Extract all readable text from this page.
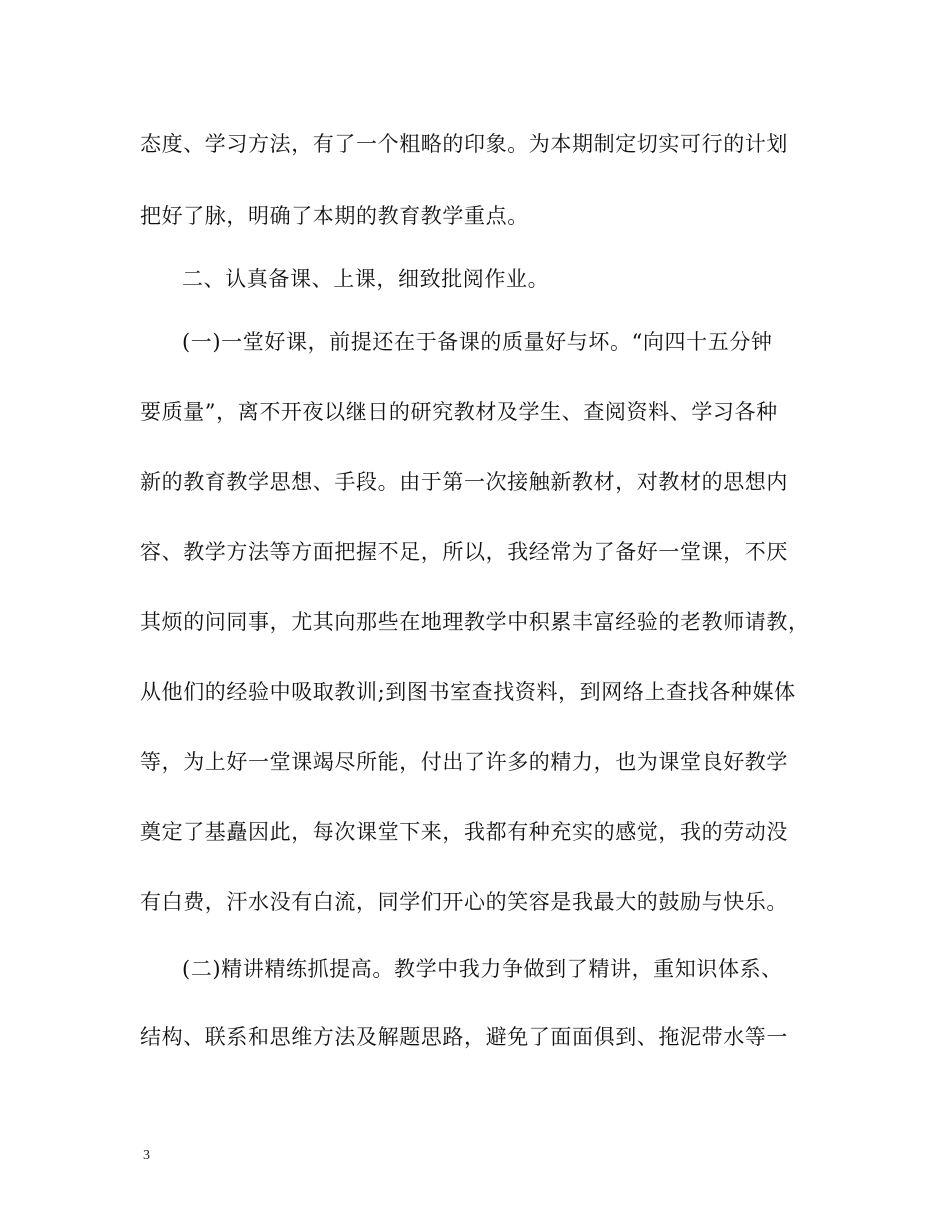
态度、学习方法，有了一个粗略的印象。为本期制定切实可行的计划
把好了脉，明确了本期的教育教学重点。
二、认真备课、上课，细致批阅作业。
(一)一堂好课，前提还在于备课的质量好与坏。“向四十五分钟
要质量”，离不开夜以继日的研究教材及学生、查阅资料、学习各种
新的教育教学思想、手段。由于第一次接触新教材，对教材的思想内
容、教学方法等方面把握不足，所以，我经常为了备好一堂课，不厌
其烦的问同事，尤其向那些在地理教学中积累丰富经验的老教师请教，
从他们的经验中吸取教训;到图书室查找资料，到网络上查找各种媒体
等，为上好一堂课竭尽所能，付出了许多的精力，也为课堂良好教学
奠定了基矗因此，每次课堂下来，我都有种充实的感觉，我的劳动没
有白费，汗水没有白流，同学们开心的笑容是我最大的鼓励与快乐。
(二)精讲精练抓提高。教学中我力争做到了精讲，重知识体系、
结构、联系和思维方法及解题思路，避免了面面俱到、拖泥带水等一
3
